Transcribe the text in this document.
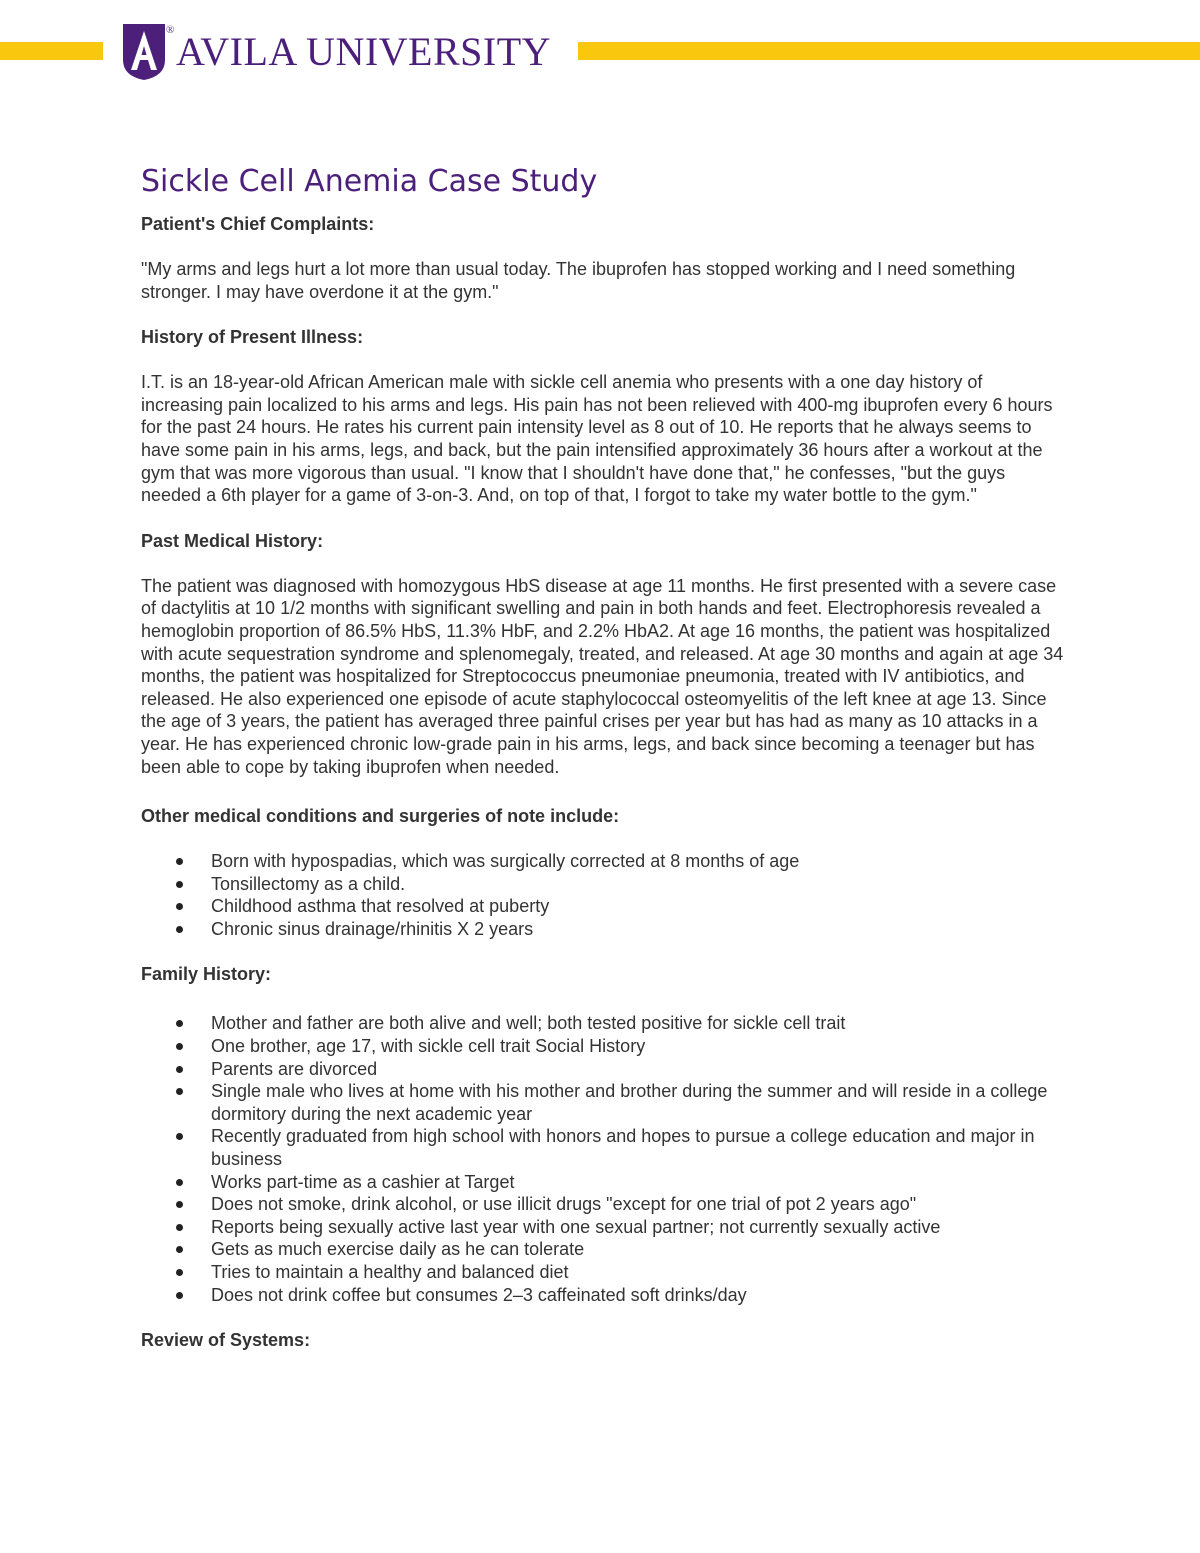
® AVILA UNIVERSITY
Sickle Cell Anemia Case Study

Patient's Chief Complaints:

"My arms and legs hurt a lot more than usual today. The ibuprofen has stopped working and I need something stronger. I may have overdone it at the gym."

History of Present Illness:

I.T. is an 18-year-old African American male with sickle cell anemia who presents with a one day history of increasing pain localized to his arms and legs. His pain has not been relieved with 400-mg ibuprofen every 6 hours for the past 24 hours. He rates his current pain intensity level as 8 out of 10. He reports that he always seems to have some pain in his arms, legs, and back, but the pain intensified approximately 36 hours after a workout at the gym that was more vigorous than usual. "I know that I shouldn't have done that," he confesses, "but the guys needed a 6th player for a game of 3-on-3. And, on top of that, I forgot to take my water bottle to the gym."

Past Medical History:

The patient was diagnosed with homozygous HbS disease at age 11 months. He first presented with a severe case of dactylitis at 10 1/2 months with significant swelling and pain in both hands and feet. Electrophoresis revealed a hemoglobin proportion of 86.5% HbS, 11.3% HbF, and 2.2% HbA2. At age 16 months, the patient was hospitalized with acute sequestration syndrome and splenomegaly, treated, and released. At age 30 months and again at age 34 months, the patient was hospitalized for Streptococcus pneumoniae pneumonia, treated with IV antibiotics, and released. He also experienced one episode of acute staphylococcal osteomyelitis of the left knee at age 13. Since the age of 3 years, the patient has averaged three painful crises per year but has had as many as 10 attacks in a year. He has experienced chronic low-grade pain in his arms, legs, and back since becoming a teenager but has been able to cope by taking ibuprofen when needed.

Other medical conditions and surgeries of note include:

Born with hypospadias, which was surgically corrected at 8 months of age
Tonsillectomy as a child.
Childhood asthma that resolved at puberty
Chronic sinus drainage/rhinitis X 2 years

Family History:

Mother and father are both alive and well; both tested positive for sickle cell trait
One brother, age 17, with sickle cell trait Social History
Parents are divorced
Single male who lives at home with his mother and brother during the summer and will reside in a college dormitory during the next academic year
Recently graduated from high school with honors and hopes to pursue a college education and major in business
Works part-time as a cashier at Target
Does not smoke, drink alcohol, or use illicit drugs "except for one trial of pot 2 years ago"
Reports being sexually active last year with one sexual partner; not currently sexually active
Gets as much exercise daily as he can tolerate
Tries to maintain a healthy and balanced diet
Does not drink coffee but consumes 2–3 caffeinated soft drinks/day

Review of Systems:
